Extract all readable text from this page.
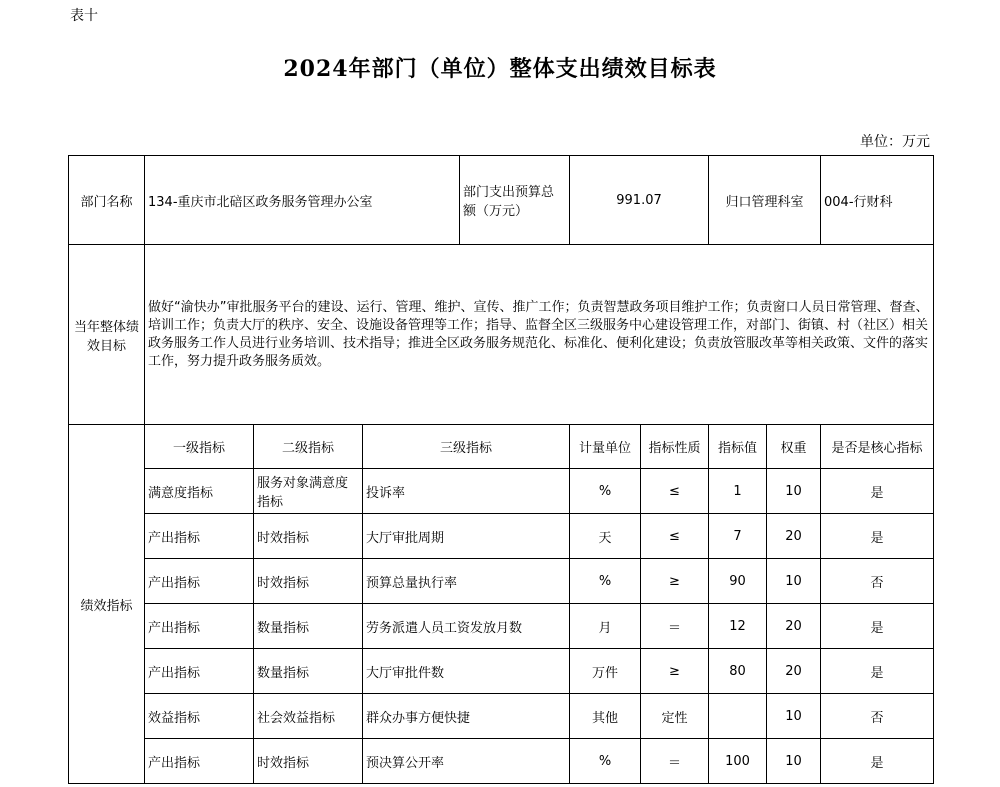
表十
2024年部门（单位）整体支出绩效目标表
单位：万元
部门名称	134-重庆市北碚区政务服务管理办公室			部门支出预算总额（万元）	991.07		归口管理科室		004-行财科
当年整体绩效目标	做好“渝快办”审批服务平台的建设、运行、管理、维护、宣传、推广工作；负责智慧政务项目维护工作；负责窗口人员日常管理、督查、培训工作；负责大厅的秩序、安全、设施设备管理等工作；指导、监督全区三级服务中心建设管理工作，对部门、街镇、村（社区）相关政务服务工作人员进行业务培训、技术指导；推进全区政务服务规范化、标准化、便利化建设；负责放管服改革等相关政策、文件的落实工作，努力提升政务服务质效。								
绩效指标	一级指标	二级指标	三级指标		计量单位	指标性质	指标值	权重	是否是核心指标
	满意度指标	服务对象满意度指标	投诉率		%	≤	1	10	是
	产出指标	时效指标	大厅审批周期		天	≤	7	20	是
	产出指标	时效指标	预算总量执行率		%	≥	90	10	否
	产出指标	数量指标	劳务派遣人员工资发放月数		月	＝	12	20	是
	产出指标	数量指标	大厅审批件数		万件	≥	80	20	是
	效益指标	社会效益指标	群众办事方便快捷		其他	定性		10	否
	产出指标	时效指标	预决算公开率		%	＝	100	10	是
